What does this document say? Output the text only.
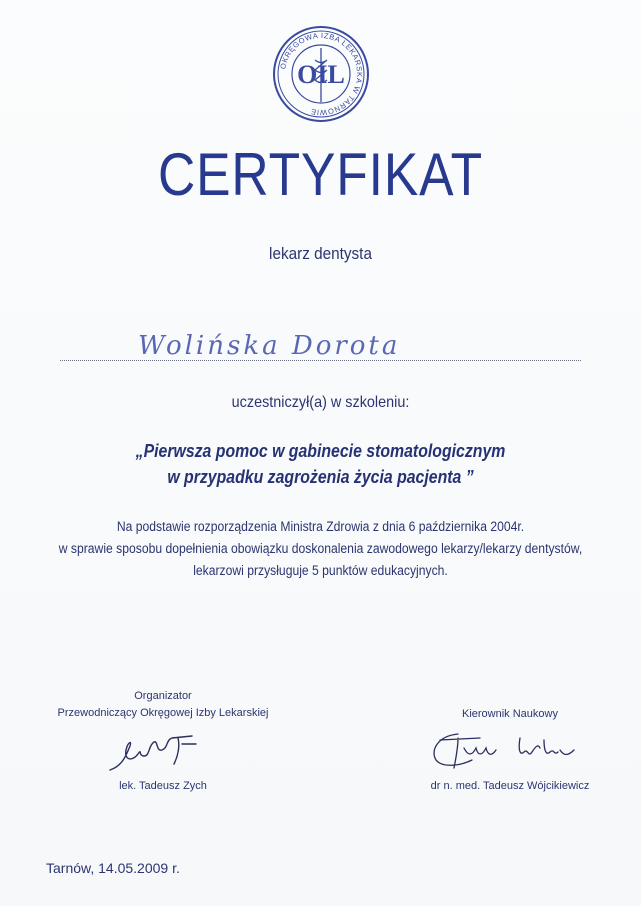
OKRĘGOWA IZBA LEKARSKA W TARNOWIE
OIL
CERTYFIKAT
lekarz dentysta
Wolińska Dorota
uczestniczył(a) w szkoleniu:
„Pierwsza pomoc w gabinecie stomatologicznym
w przypadku zagrożenia życia pacjenta ”
Na podstawie rozporządzenia Ministra Zdrowia z dnia 6 października 2004r.
w sprawie sposobu dopełnienia obowiązku doskonalenia zawodowego lekarzy/lekarzy dentystów,
lekarzowi przysługuje 5 punktów edukacyjnych.
Organizator
Przewodniczący Okręgowej Izby Lekarskiej	Kierownik Naukowy
lek. Tadeusz Zych	dr n. med. Tadeusz Wójcikiewicz
Tarnów, 14.05.2009 r.
